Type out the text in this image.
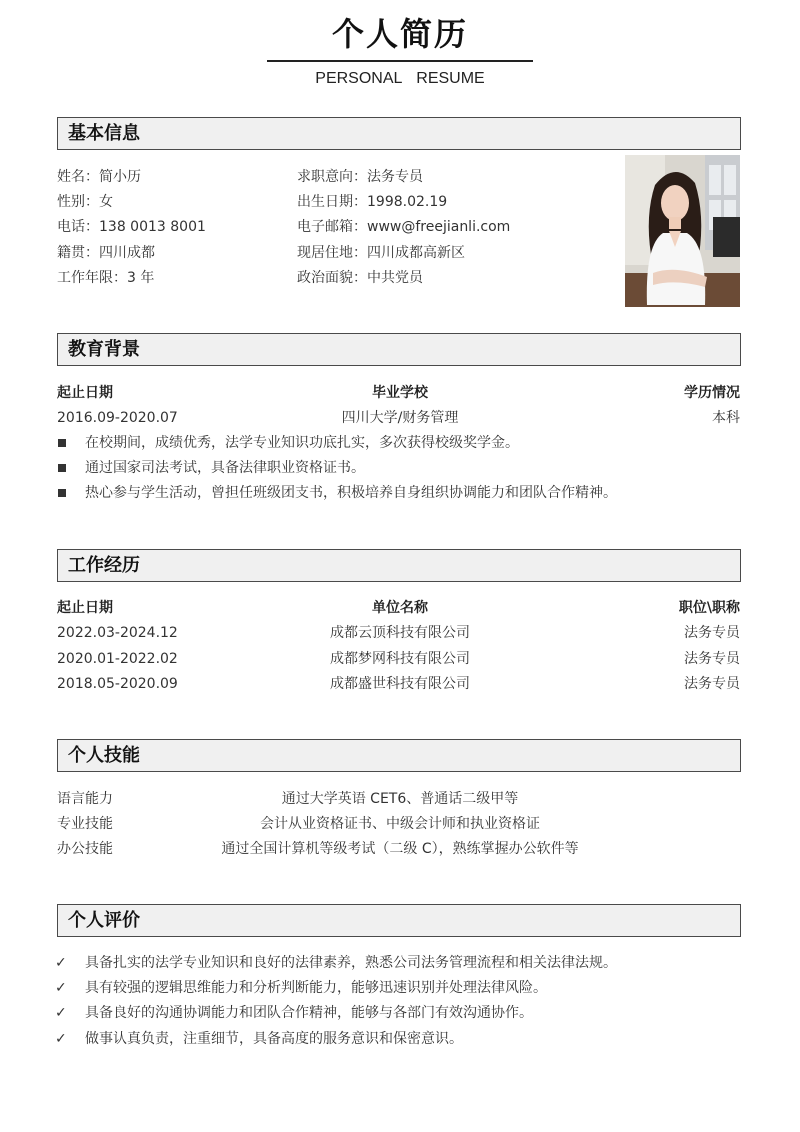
个人简历
PERSONAL RESUME
基本信息
姓名：简小历
性别：女
电话：138 0013 8001
籍贯：四川成都
工作年限：3 年
求职意向：法务专员
出生日期：1998.02.19
电子邮箱：www@freejianli.com
现居住地：四川成都高新区
政治面貌：中共党员
教育背景
起止日期	毕业学校	学历情况
2016.09-2020.07	四川大学/财务管理	本科
在校期间，成绩优秀，法学专业知识功底扎实，多次获得校级奖学金。
通过国家司法考试，具备法律职业资格证书。
热心参与学生活动，曾担任班级团支书，积极培养自身组织协调能力和团队合作精神。
工作经历
起止日期	单位名称	职位\职称
2022.03-2024.12	成都云顶科技有限公司	法务专员
2020.01-2022.02	成都梦网科技有限公司	法务专员
2018.05-2020.09	成都盛世科技有限公司	法务专员
个人技能
语言能力	通过大学英语 CET6、普通话二级甲等
专业技能	会计从业资格证书、中级会计师和执业资格证
办公技能	通过全国计算机等级考试（二级 C），熟练掌握办公软件等
个人评价
✓ 具备扎实的法学专业知识和良好的法律素养，熟悉公司法务管理流程和相关法律法规。
✓ 具有较强的逻辑思维能力和分析判断能力，能够迅速识别并处理法律风险。
✓ 具备良好的沟通协调能力和团队合作精神，能够与各部门有效沟通协作。
✓ 做事认真负责，注重细节，具备高度的服务意识和保密意识。
